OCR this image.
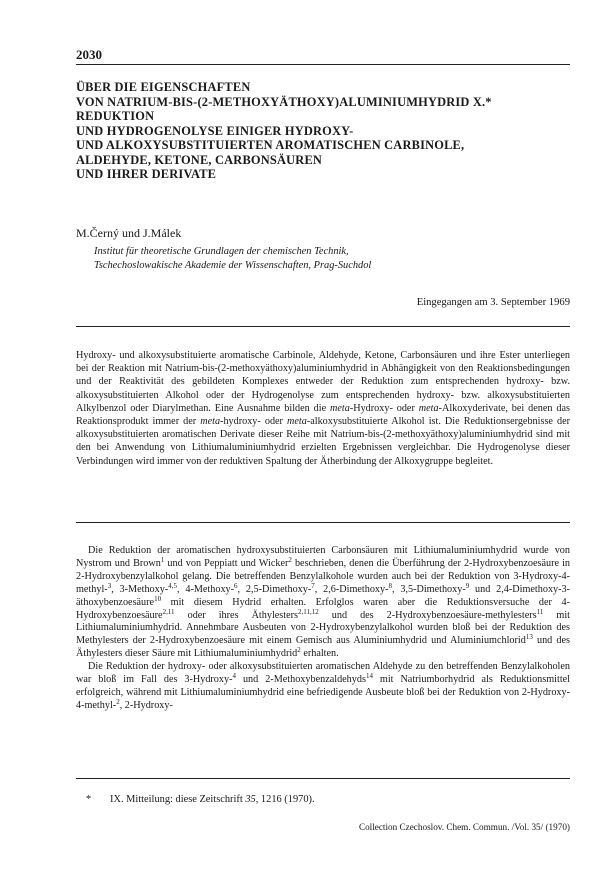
2030
ÜBER DIE EIGENSCHAFTEN
VON NATRIUM-BIS-(2-METHOXYÄTHOXY)ALUMINIUMHYDRID X.*
REDUKTION
UND HYDROGENOLYSE EINIGER HYDROXY-
UND ALKOXYSUBSTITUIERTEN AROMATISCHEN CARBINOLE,
ALDEHYDE, KETONE, CARBONSÄUREN
UND IHRER DERIVATE
M.Černý und J.Málek
Institut für theoretische Grundlagen der chemischen Technik,
Tschechoslowakische Akademie der Wissenschaften, Prag-Suchdol
Eingegangen am 3. September 1969

Hydroxy- und alkoxysubstituierte aromatische Carbinole, Aldehyde, Ketone, Carbonsäuren und ihre Ester unterliegen bei der Reaktion mit Natrium-bis-(2-methoxyäthoxy)aluminiumhydrid in Abhängigkeit von den Reaktionsbedingungen und der Reaktivität des gebildeten Komplexes entweder der Reduktion zum entsprechenden hydroxy- bzw. alkoxysubstituierten Alkohol oder der Hydrogenolyse zum entsprechenden hydroxy- bzw. alkoxysubstituierten Alkylbenzol oder Diarylmethan. Eine Ausnahme bilden die meta-Hydroxy- oder meta-Alkoxyderivate, bei denen das Reaktionsprodukt immer der meta-hydroxy- oder meta-alkoxysubstituierte Alkohol ist. Die Reduktionsergebnisse der alkoxysubstituierten aromatischen Derivate dieser Reihe mit Natrium-bis-(2-methoxyäthoxy)aluminiumhydrid sind mit den bei Anwendung von Lithiumaluminiumhydrid erzielten Ergebnissen vergleichbar. Die Hydrogenolyse dieser Verbindungen wird immer von der reduktiven Spaltung der Ätherbindung der Alkoxygruppe begleitet.

Die Reduktion der aromatischen hydroxysubstituierten Carbonsäuren mit Lithiumaluminiumhydrid wurde von Nystrom und Brown$^1$ und von Peppiatt und Wicker$^2$ beschrieben, denen die Überführung der 2-Hydroxybenzoesäure in 2-Hydroxybenzylalkohol gelang. Die betreffenden Benzylalkohole wurden auch bei der Reduktion von 3-Hydroxy-4-methyl-$^3$, 3-Methoxy-$^{4,5}$, 4-Methoxy-$^6$, 2,5-Dimethoxy-$^7$, 2,6-Dimethoxy-$^8$, 3,5-Dimethoxy-$^9$ und 2,4-Dimethoxy-3-äthoxybenzoesäure$^{10}$ mit diesem Hydrid erhalten. Erfolglos waren aber die Reduktionsversuche der 4-Hydroxybenzoesäure$^{2,11}$ oder ihres Äthylesters$^{2,11,12}$ und des 2-Hydroxybenzoesäure-methylesters$^{11}$ mit Lithiumaluminiumhydrid. Annehmbare Ausbeuten von 2-Hydroxybenzylalkohol wurden bloß bei der Reduktion des Methylesters der 2-Hydroxybenzoesäure mit einem Gemisch aus Aluminiumhydrid und Aluminiumchlorid$^{13}$ und des Äthylesters dieser Säure mit Lithiumaluminiumhydrid$^2$ erhalten.

Die Reduktion der hydroxy- oder alkoxysubstituierten aromatischen Aldehyde zu den betreffenden Benzylalkoholen war bloß im Fall des 3-Hydroxy-$^4$ und 2-Methoxybenzaldehyds$^{14}$ mit Natriumborhydrid als Reduktionsmittel erfolgreich, während mit Lithiumaluminiumhydrid eine befriedigende Ausbeute bloß bei der Reduktion von 2-Hydroxy-4-methyl-$^2$, 2-Hydroxy-

* IX. Mitteilung: diese Zeitschrift 35, 1216 (1970).
Collection Czechoslov. Chem. Commun. /Vol. 35/ (1970)
